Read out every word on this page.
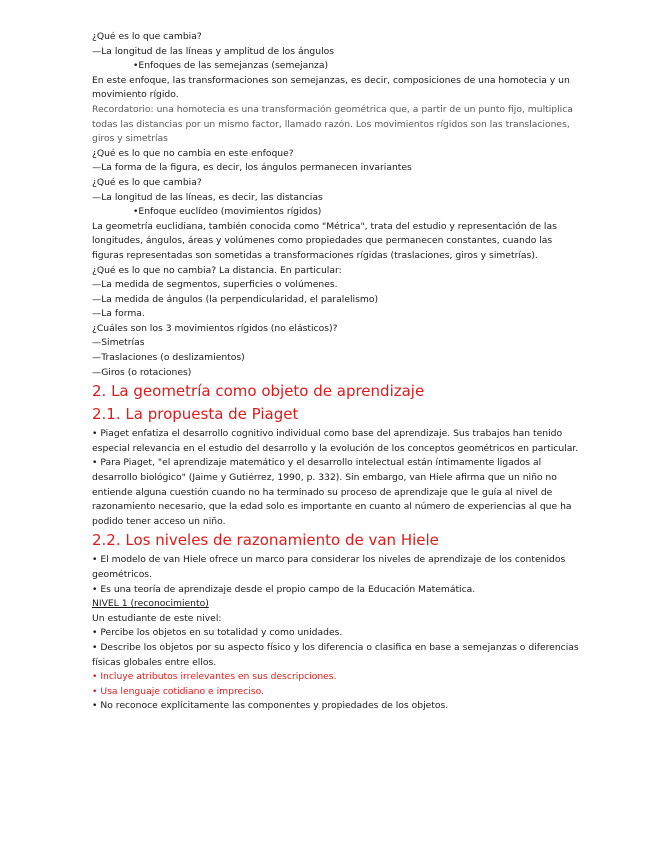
¿Qué es lo que cambia?

—La longitud de las líneas y amplitud de los ángulos

•Enfoques de las semejanzas (semejanza)

En este enfoque, las transformaciones son semejanzas, es decir, composiciones de una homotecia y un movimiento rígido.

Recordatorio: una homotecia es una transformación geométrica que, a partir de un punto fijo, multiplica todas las distancias por un mismo factor, llamado razón. Los movimientos rígidos son las translaciones, giros y simetrías

¿Qué es lo que no cambia en este enfoque?

—La forma de la figura, es decir, los ángulos permanecen invariantes

¿Qué es lo que cambia?

—La longitud de las líneas, es decir, las distancias

•Enfoque euclídeo (movimientos rígidos)

La geometría euclidiana, también conocida como "Métrica", trata del estudio y representación de las longitudes, ángulos, áreas y volúmenes como propiedades que permanecen constantes, cuando las figuras representadas son sometidas a transformaciones rígidas (traslaciones, giros y simetrías).

¿Qué es lo que no cambia? La distancia. En particular:

—La medida de segmentos, superficies o volúmenes.

—La medida de ángulos (la perpendicularidad, el paralelismo)

—La forma.

¿Cuáles son los 3 movimientos rígidos (no elásticos)?

—Simetrías

—Traslaciones (o deslizamientos)

—Giros (o rotaciones)

2. La geometría como objeto de aprendizaje
2.1. La propuesta de Piaget

• Piaget enfatiza el desarrollo cognitivo individual como base del aprendizaje. Sus trabajos han tenido especial relevancia en el estudio del desarrollo y la evolución de los conceptos geométricos en particular.

• Para Piaget, "el aprendizaje matemático y el desarrollo intelectual están íntimamente ligados al desarrollo biológico" (Jaime y Gutiérrez, 1990, p. 332). Sin embargo, van Hiele afirma que un niño no entiende alguna cuestión cuando no ha terminado su proceso de aprendizaje que le guía al nivel de razonamiento necesario, que la edad solo es importante en cuanto al número de experiencias al que ha podido tener acceso un niño.

2.2. Los niveles de razonamiento de van Hiele

• El modelo de van Hiele ofrece un marco para considerar los niveles de aprendizaje de los contenidos geométricos.

• Es una teoría de aprendizaje desde el propio campo de la Educación Matemática.

NIVEL 1 (reconocimiento)

Un estudiante de este nivel:

• Percibe los objetos en su totalidad y como unidades.

• Describe los objetos por su aspecto físico y los diferencia o clasifica en base a semejanzas o diferencias físicas globales entre ellos.

• Incluye atributos irrelevantes en sus descripciones.

• Usa lenguaje cotidiano e impreciso.

• No reconoce explícitamente las componentes y propiedades de los objetos.
